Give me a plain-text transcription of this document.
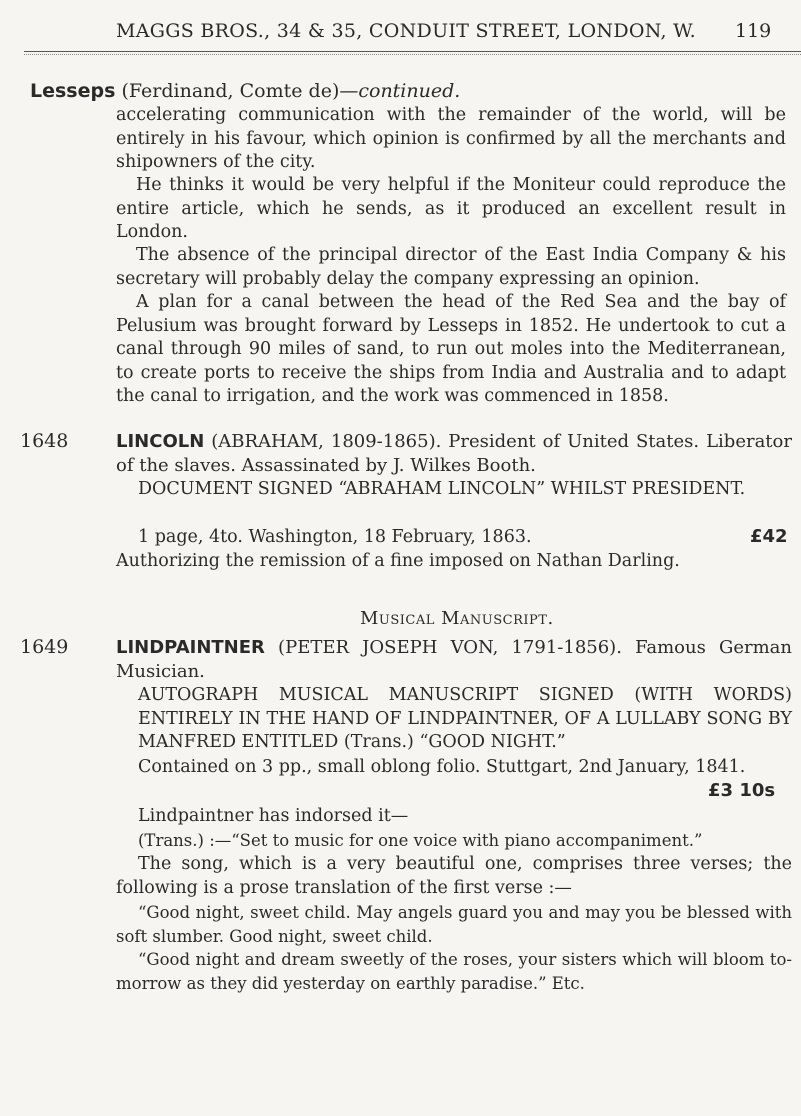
MAGGS BROS., 34 & 35, CONDUIT STREET, LONDON, W. 119
Lesseps (Ferdinand, Comte de)—continued.

accelerating communication with the remainder of the world, will be entirely in his favour, which opinion is confirmed by all the merchants and shipowners of the city.

He thinks it would be very helpful if the Moniteur could reproduce the entire article, which he sends, as it produced an excellent result in London.

The absence of the principal director of the East India Company & his secretary will probably delay the company expressing an opinion.

A plan for a canal between the head of the Red Sea and the bay of Pelusium was brought forward by Lesseps in 1852. He undertook to cut a canal through 90 miles of sand, to run out moles into the Mediterranean, to create ports to receive the ships from India and Australia and to adapt the canal to irrigation, and the work was commenced in 1858.

1648	LINCOLN (ABRAHAM, 1809-1865). President of United States. Liberator of the slaves. Assassinated by J. Wilkes Booth.

DOCUMENT SIGNED “ABRAHAM LINCOLN” WHILST PRESIDENT.

1 page, 4to. Washington, 18 February, 1863.	£42

Authorizing the remission of a fine imposed on Nathan Darling.

Musical Manuscript.
1649	LINDPAINTNER (PETER JOSEPH VON, 1791-1856). Famous German Musician.

AUTOGRAPH MUSICAL MANUSCRIPT SIGNED (WITH WORDS) ENTIRELY IN THE HAND OF LINDPAINTNER, OF A LULLABY SONG BY MANFRED ENTITLED (Trans.) “GOOD NIGHT.”

Contained on 3 pp., small oblong folio. Stuttgart, 2nd January, 1841.

£3 10s

Lindpaintner has indorsed it—

(Trans.) :—“Set to music for one voice with piano accompaniment.”

The song, which is a very beautiful one, comprises three verses; the following is a prose translation of the first verse :—

“Good night, sweet child. May angels guard you and may you be blessed with soft slumber. Good night, sweet child.

“Good night and dream sweetly of the roses, your sisters which will bloom to-morrow as they did yesterday on earthly paradise.” Etc.
